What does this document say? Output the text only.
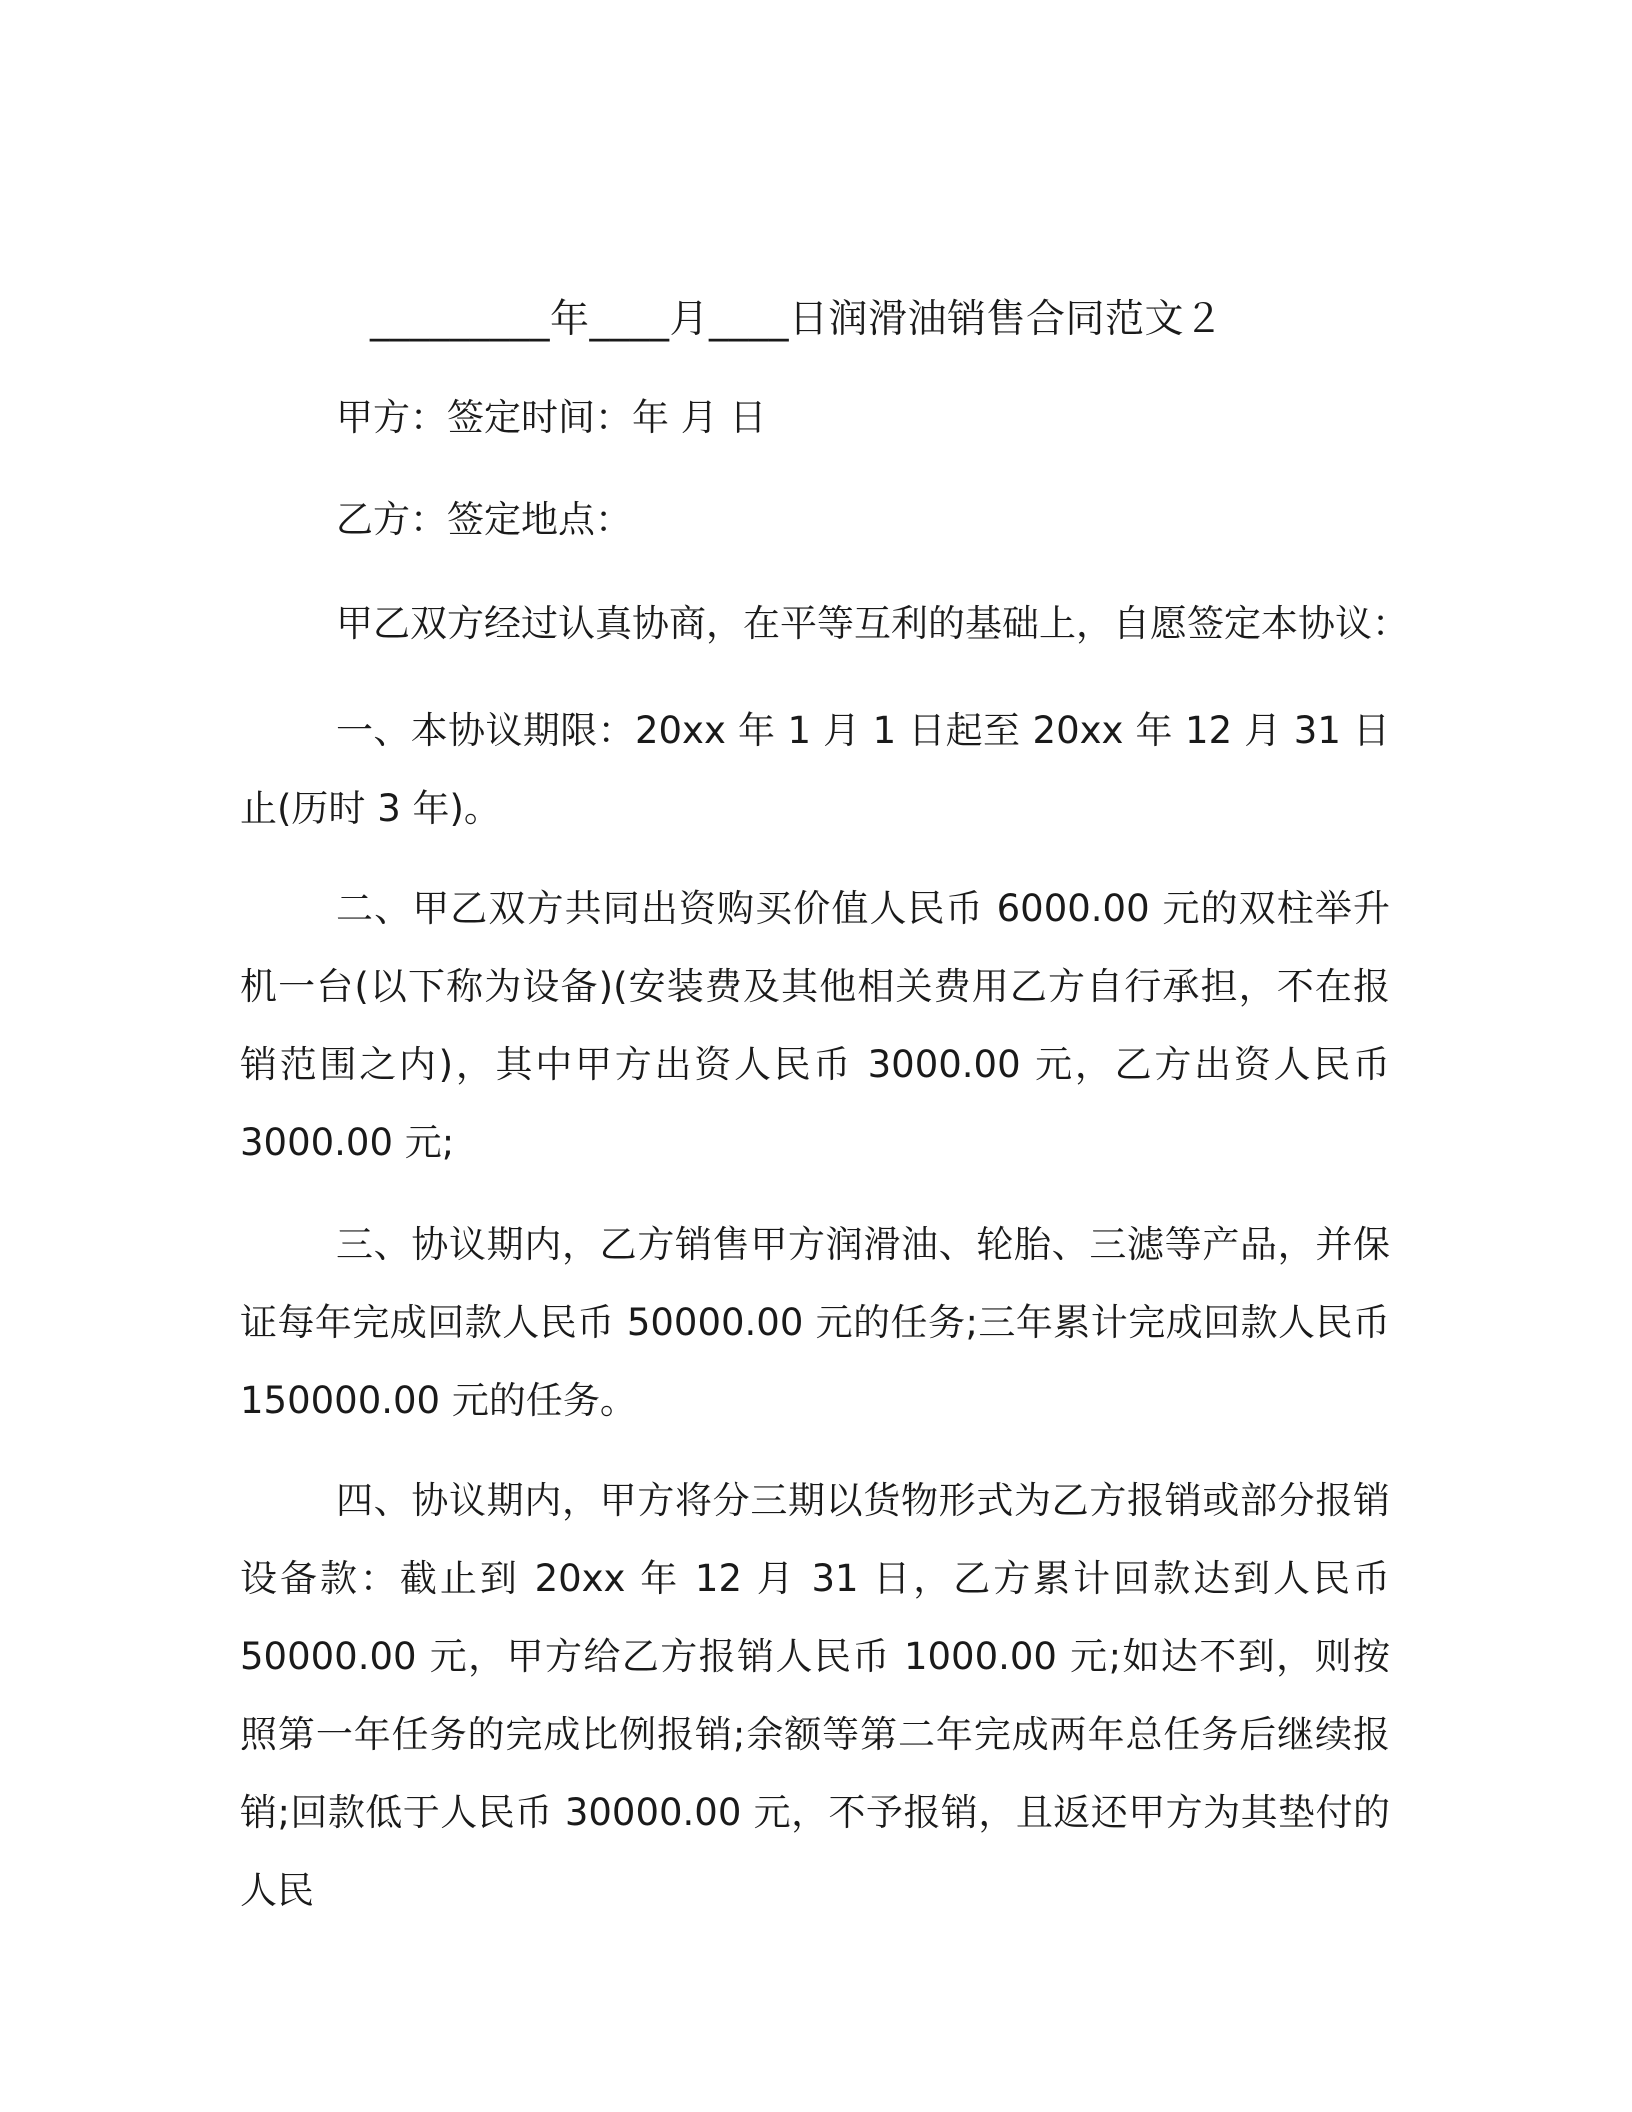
_________年____月____日润滑油销售合同范文２
甲方：签定时间：年 月 日
乙方：签定地点：
甲乙双方经过认真协商，在平等互利的基础上，自愿签定本协议：
一、本协议期限：20xx 年 1 月 1 日起至 20xx 年 12 月 31 日止(历时 3 年)。
二、甲乙双方共同出资购买价值人民币 6000.00 元的双柱举升机一台(以下称为设备)(安装费及其他相关费用乙方自行承担，不在报销范围之内)，其中甲方出资人民币 3000.00 元，乙方出资人民币 3000.00 元;
三、协议期内，乙方销售甲方润滑油、轮胎、三滤等产品，并保证每年完成回款人民币 50000.00 元的任务;三年累计完成回款人民币 150000.00 元的任务。
四、协议期内，甲方将分三期以货物形式为乙方报销或部分报销设备款：截止到 20xx 年 12 月 31 日，乙方累计回款达到人民币 50000.00 元，甲方给乙方报销人民币 1000.00 元;如达不到，则按照第一年任务的完成比例报销;余额等第二年完成两年总任务后继续报销;回款低于人民币 30000.00 元，不予报销，且返还甲方为其垫付的人民
